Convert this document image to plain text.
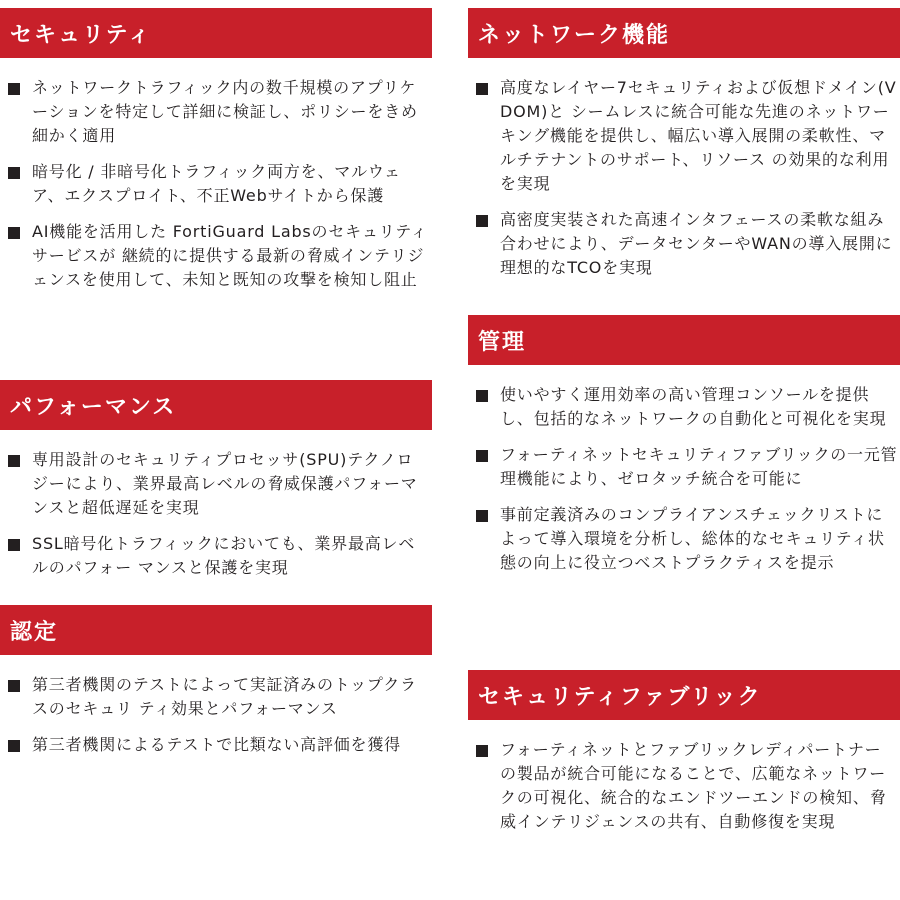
セキュリティ
ネットワークトラフィック内の数千規模のアプリケーションを特定して詳細に検証し、ポリシーをきめ細かく適用
暗号化 / 非暗号化トラフィック両方を、マルウェア、エクスプロイト、不正Webサイトから保護
AI機能を活用した FortiGuard Labsのセキュリティサービスが 継続的に提供する最新の脅威インテリジェンスを使用して、未知と既知の攻撃を検知し阻止
パフォーマンス
専用設計のセキュリティプロセッサ(SPU)テクノロジーにより、業界最高レベルの脅威保護パフォーマンスと超低遅延を実現
SSL暗号化トラフィックにおいても、業界最高レベルのパフォー マンスと保護を実現
認定
第三者機関のテストによって実証済みのトップクラスのセキュリ ティ効果とパフォーマンス
第三者機関によるテストで比類ない高評価を獲得
ネットワーク機能
高度なレイヤー7セキュリティおよび仮想ドメイン(VDOM)と シームレスに統合可能な先進のネットワーキング機能を提供し、幅広い導入展開の柔軟性、マルチテナントのサポート、リソース の効果的な利用を実現
高密度実装された高速インタフェースの柔軟な組み合わせにより、データセンターやWANの導入展開に理想的なTCOを実現
管理
使いやすく運用効率の高い管理コンソールを提供し、包括的なネットワークの自動化と可視化を実現
フォーティネットセキュリティファブリックの一元管理機能により、ゼロタッチ統合を可能に
事前定義済みのコンプライアンスチェックリストによって導入環境を分析し、総体的なセキュリティ状態の向上に役立つベストプラクティスを提示
セキュリティファブリック
フォーティネットとファブリックレディパートナーの製品が統合可能になることで、広範なネットワークの可視化、統合的なエンドツーエンドの検知、脅威インテリジェンスの共有、自動修復を実現
